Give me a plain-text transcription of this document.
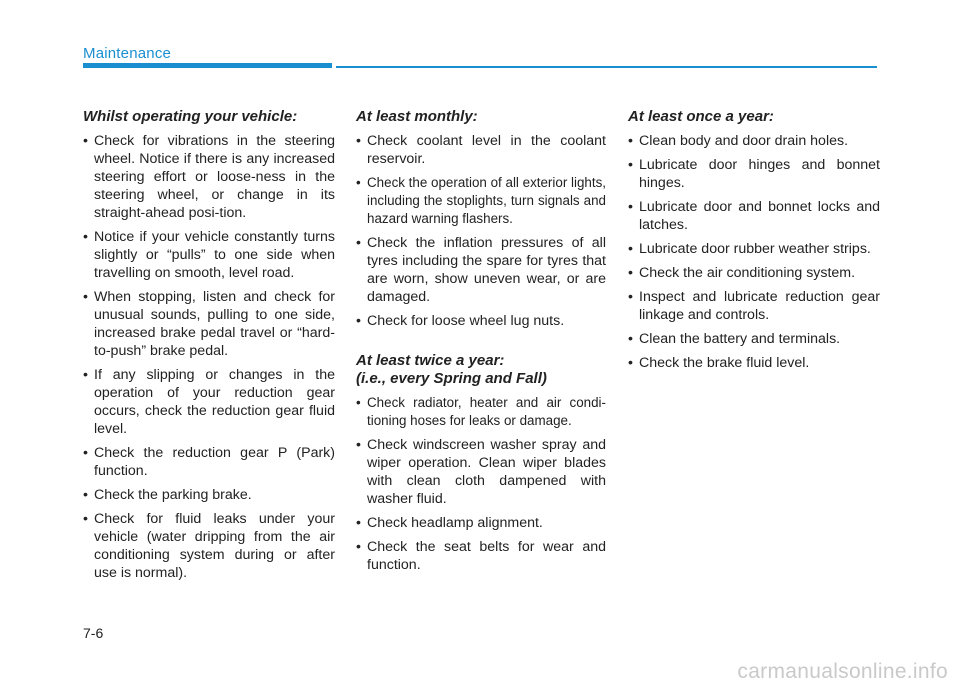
Maintenance
Whilst operating your vehicle:
• Check for vibrations in the steering wheel. Notice if there is any increased steering effort or loose-ness in the steering wheel, or change in its straight-ahead posi-tion.
• Notice if your vehicle constantly turns slightly or “pulls” to one side when travelling on smooth, level road.
• When stopping, listen and check for unusual sounds, pulling to one side, increased brake pedal travel or “hard-to-push” brake pedal.
• If any slipping or changes in the operation of your reduction gear occurs, check the reduction gear fluid level.
• Check the reduction gear P (Park) function.
• Check the parking brake.
• Check for fluid leaks under your vehicle (water dripping from the air conditioning system during or after use is normal).
At least monthly:
• Check coolant level in the coolant reservoir.
• Check the operation of all exterior lights, including the stoplights, turn signals and hazard warning flashers.
• Check the inflation pressures of all tyres including the spare for tyres that are worn, show uneven wear, or are damaged.
• Check for loose wheel lug nuts.
At least twice a year:
(i.e., every Spring and Fall)
• Check radiator, heater and air condi-tioning hoses for leaks or damage.
• Check windscreen washer spray and wiper operation. Clean wiper blades with clean cloth dampened with washer fluid.
• Check headlamp alignment.
• Check the seat belts for wear and function.
At least once a year:
• Clean body and door drain holes.
• Lubricate door hinges and bonnet hinges.
• Lubricate door and bonnet locks and latches.
• Lubricate door rubber weather strips.
• Check the air conditioning system.
• Inspect and lubricate reduction gear linkage and controls.
• Clean the battery and terminals.
• Check the brake fluid level.
7-6
carmanualsonline.info
